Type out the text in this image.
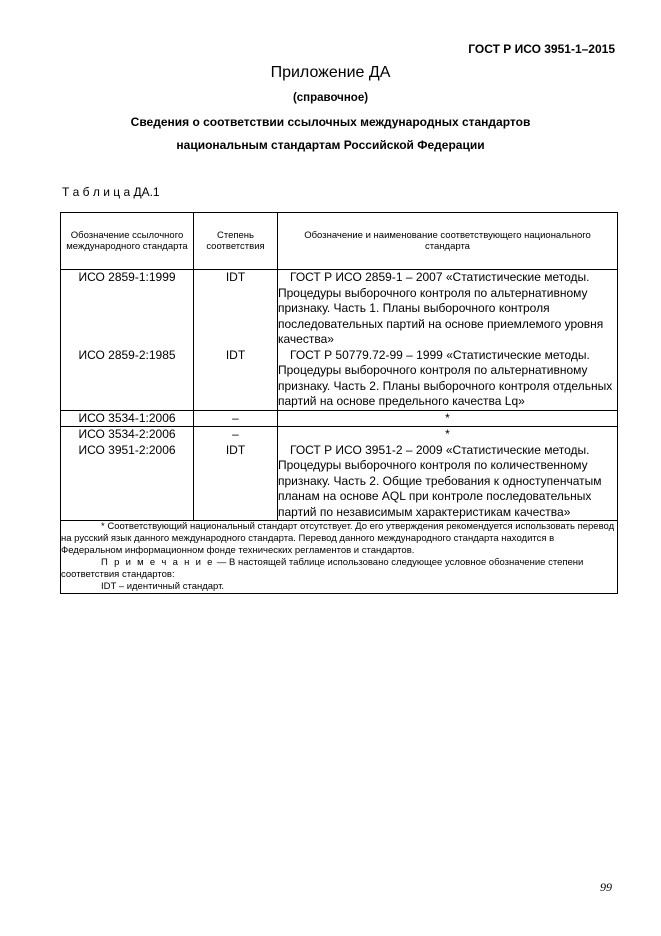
ГОСТ Р ИСО 3951-1–2015
Приложение ДА
(справочное)
Сведения о соответствии ссылочных международных стандартов
национальным стандартам Российской Федерации
Т а б л и ц а ДА.1
Обозначение ссылочного международного стандарта	Степень соответствия	Обозначение и наименование соответствующего национального стандарта
ИСО 2859-1:1999	IDT	ГОСТ Р ИСО 2859-1 – 2007 «Статистические методы. Процедуры выборочного контроля по альтернативному признаку. Часть 1. Планы выборочного контроля последовательных партий на основе приемлемого уровня качества»
ИСО 2859-2:1985	IDT	ГОСТ Р 50779.72-99 – 1999 «Статистические методы. Процедуры выборочного контроля по альтернативному признаку. Часть 2. Планы выборочного контроля отдельных партий на основе предельного качества Lq»
ИСО 3534-1:2006	–	*
ИСО 3534-2:2006	–	*
ИСО 3951-2:2006	IDT	ГОСТ Р ИСО 3951-2 – 2009 «Статистические методы. Процедуры выборочного контроля по количественному признаку. Часть 2. Общие требования к одноступенчатым планам на основе AQL при контроле последовательных партий по независимым характеристикам качества»

* Соответствующий национальный стандарт отсутствует. До его утверждения рекомендуется использовать перевод на русский язык данного международного стандарта. Перевод данного международного стандарта находится в Федеральном информационном фонде технических регламентов и стандартов.

П р и м е ч а н и е — В настоящей таблице использовано следующее условное обозначение степени соответствия стандартов:

IDT – идентичный стандарт.		

99
